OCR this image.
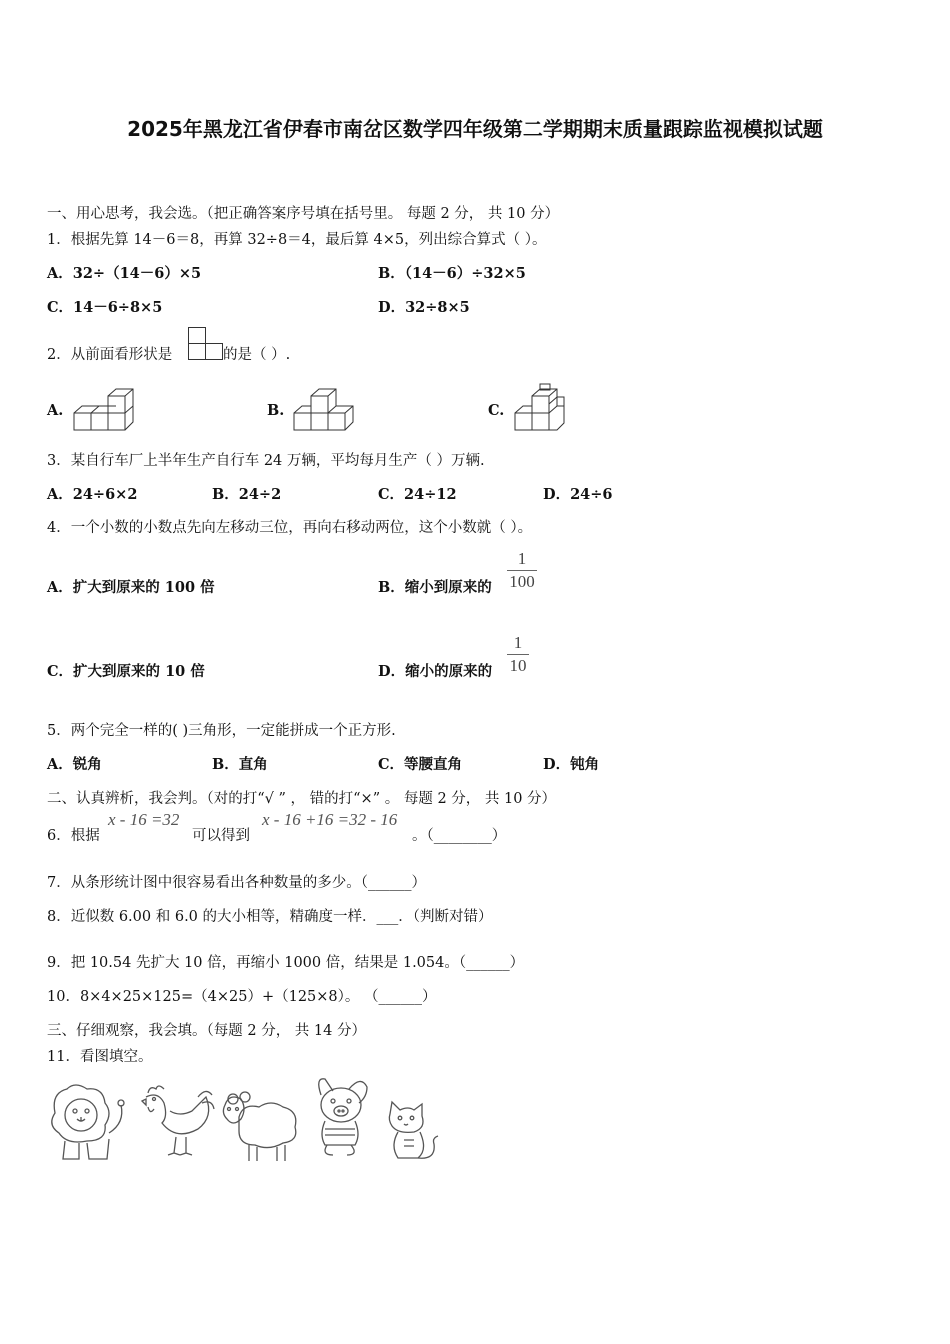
2025年黑龙江省伊春市南岔区数学四年级第二学期期末质量跟踪监视模拟试题
一、用心思考，我会选。（把正确答案序号填在括号里。 每题 2 分， 共 10 分）
1．根据先算 14－6＝8，再算 32÷8＝4，最后算 4×5，列出综合算式（ ）。
A．32÷（14－6）×5	B．（14－6）÷32×5
C．14－6÷8×5	D．32÷8×5
2．从前面看形状是	的是（ ）.
A.	B.	C.
3．某自行车厂上半年生产自行车 24 万辆，平均每月生产（ ）万辆.
A．24÷6×2	B．24÷2	C．24÷12	D．24÷6
4．一个小数的小数点先向左移动三位，再向右移动两位，这个小数就（ ）。
A．扩大到原来的 100 倍	B．缩小到原来的
1
100
C．扩大到原来的 10 倍	D．缩小的原来的
1
10
5．两个完全一样的( )三角形，一定能拼成一个正方形.
A．锐角	B．直角	C．等腰直角	D．钝角
二、认真辨析，我会判。（对的打“√ ” ， 错的打“×” 。 每题 2 分， 共 10 分）
6．根据
x - 16 =32
可以得到
x - 16 +16 =32 - 16
。（________）
7．从条形统计图中很容易看出各种数量的多少。（______）
8．近似数 6.00 和 6.0 的大小相等，精确度一样．___．（判断对错）
9．把 10.54 先扩大 10 倍，再缩小 1000 倍，结果是 1.054。（______）
10．8×4×25×125=（4×25）+（125×8）。 （______）
三、仔细观察，我会填。（每题 2 分， 共 14 分）
11．看图填空。
